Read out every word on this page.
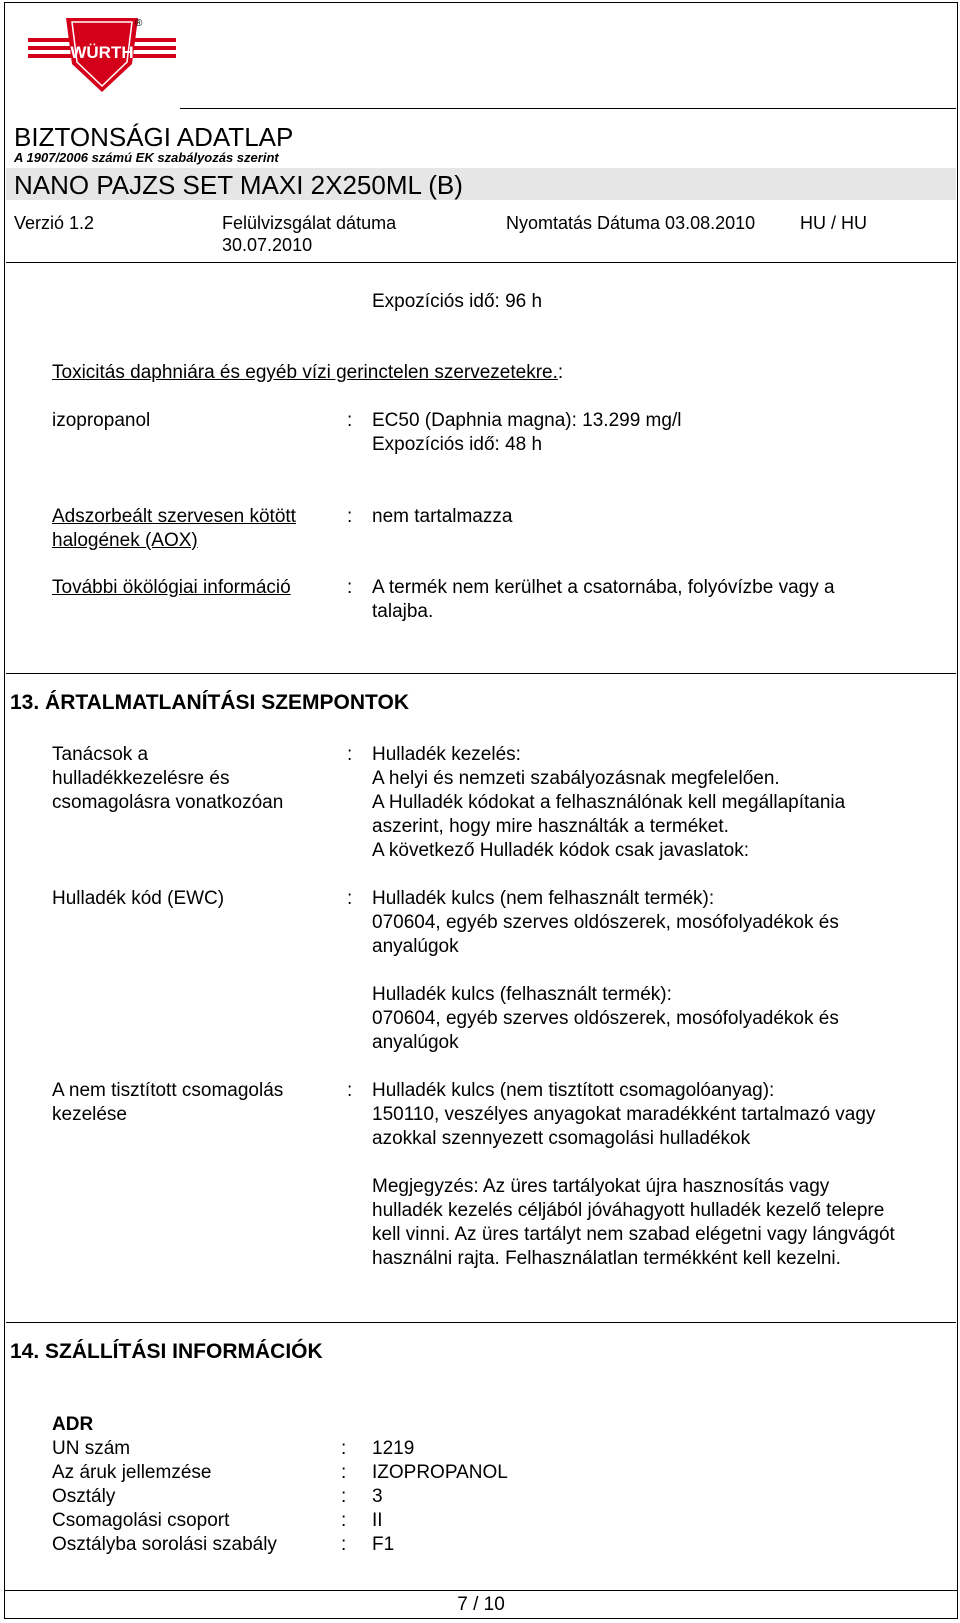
WÜRTH
®
BIZTONSÁGI ADATLAP
A 1907/2006 számú EK szabályozás szerint
NANO PAJZS SET MAXI 2X250ML (B)
Verzió 1.2	Felülvizsgálat dátuma
30.07.2010
Nyomtatás Dátuma 03.08.2010 HU / HU
Expozíciós idő: 96 h
Toxicitás daphniára és egyéb vízi gerinctelen szervezetekre.:
izopropanol	: EC50 (Daphnia magna): 13.299 mg/l
Expozíciós idő: 48 h
Adszorbeált szervesen kötött
halogének (AOX)
: nem tartalmazza
További ökölógiai információ	: A termék nem kerülhet a csatornába, folyóvízbe vagy a
talajba.
13. ÁRTALMATLANÍTÁSI SZEMPONTOK
Tanácsok a
hulladékkezelésre és
csomagolásra vonatkozóan
: Hulladék kezelés:
A helyi és nemzeti szabályozásnak megfelelően.
A Hulladék kódokat a felhasználónak kell megállapítania
aszerint, hogy mire használták a terméket.
A következő Hulladék kódok csak javaslatok:
Hulladék kód (EWC)	: Hulladék kulcs (nem felhasznált termék):
070604, egyéb szerves oldószerek, mosófolyadékok és
anyalúgok
Hulladék kulcs (felhasznált termék):
070604, egyéb szerves oldószerek, mosófolyadékok és
anyalúgok
A nem tisztított csomagolás
kezelése
: Hulladék kulcs (nem tisztított csomagolóanyag):
150110, veszélyes anyagokat maradékként tartalmazó vagy
azokkal szennyezett csomagolási hulladékok
Megjegyzés: Az üres tartályokat újra hasznosítás vagy
hulladék kezelés céljából jóváhagyott hulladék kezelő telepre
kell vinni. Az üres tartályt nem szabad elégetni vagy lángvágót
használni rajta. Felhasználatlan termékként kell kezelni.
14. SZÁLLÍTÁSI INFORMÁCIÓK
ADR
UN szám	: 1219
Az áruk jellemzése	: IZOPROPANOL
Osztály	: 3
Csomagolási csoport	: II
Osztályba sorolási szabály	: F1
7 / 10
